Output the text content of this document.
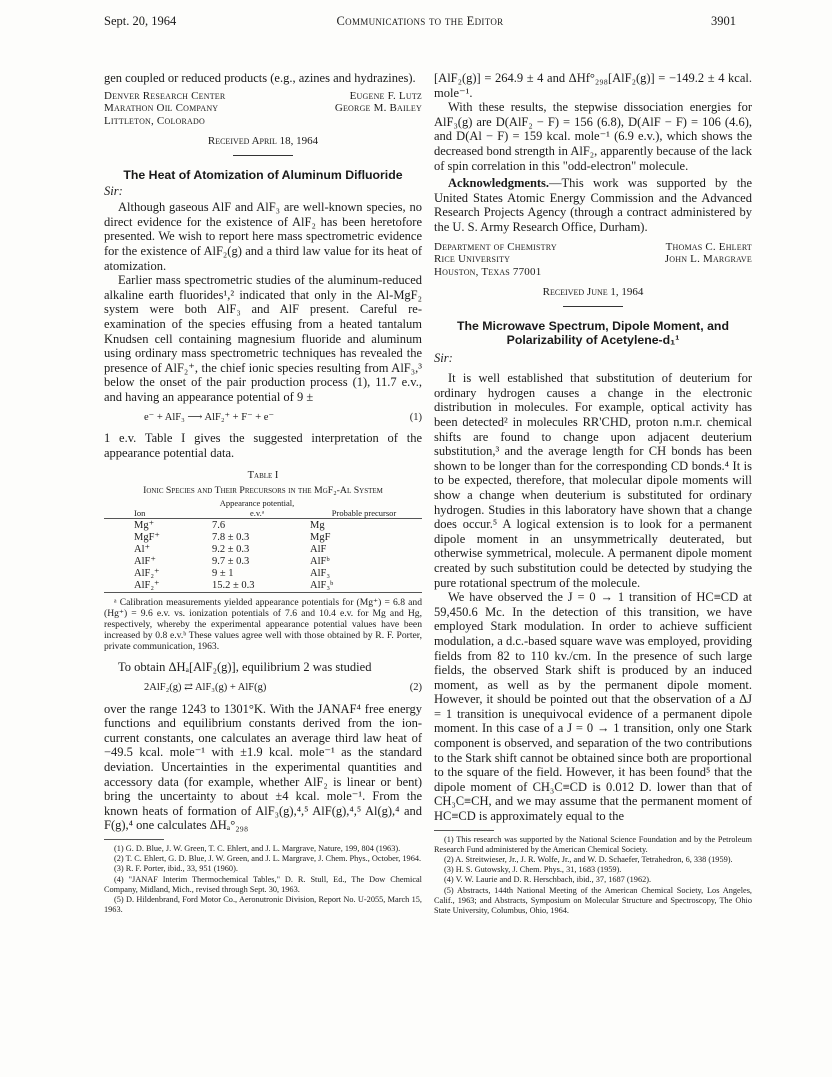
Sept. 20, 1964	Communications to the Editor	3901

gen coupled or reduced products (e.g., azines and hydrazines).

Denver Research Center
Marathon Oil Company
Littleton, Colorado
Eugene F. Lutz
George M. Bailey
Received April 18, 1964
The Heat of Atomization of Aluminum Difluoride

Sir:

Although gaseous AlF and AlF₃ are well-known species, no direct evidence for the existence of AlF₂ has been heretofore presented. We wish to report here mass spectrometric evidence for the existence of AlF₂(g) and a third law value for its heat of atomization.

Earlier mass spectrometric studies of the aluminum-reduced alkaline earth fluorides¹,² indicated that only in the Al-MgF₂ system were both AlF₃ and AlF present. Careful re-examination of the species effusing from a heated tantalum Knudsen cell containing magnesium fluoride and aluminum using ordinary mass spectrometric techniques has revealed the presence of AlF₂⁺, the chief ionic species resulting from AlF₃,³ below the onset of the pair production process (1), 11.7 e.v., and having an appearance potential of 9 ±

e⁻ + AlF₃ ⟶ AlF₂⁺ + F⁻ + e⁻	(1)

1 e.v. Table I gives the suggested interpretation of the appearance potential data.

Table I
Ionic Species and Their Precursors in the MgF₂-Al System
Ion	Appearance potential, e.v.ᵃ	Probable precursor

Mg⁺	7.6	Mg
MgF⁺	7.8 ± 0.3	MgF
Al⁺	9.2 ± 0.3	AlF
AlF⁺	9.7 ± 0.3	AlFᵇ
AlF₂⁺	9 ± 1	AlF₃
AlF₂⁺	15.2 ± 0.3	AlF₃ᵇ

ᵃ Calibration measurements yielded appearance potentials for (Mg⁺) = 6.8 and (Hg⁺) = 9.6 e.v. vs. ionization potentials of 7.6 and 10.4 e.v. for Mg and Hg, respectively, whereby the experimental appearance potential values have been increased by 0.8 e.v.ᵇ These values agree well with those obtained by R. F. Porter, private communication, 1963.

To obtain ΔHₐ[AlF₂(g)], equilibrium 2 was studied

2AlF₂(g) ⇄ AlF₃(g) + AlF(g)	(2)

over the range 1243 to 1301°K. With the JANAF⁴ free energy functions and equilibrium constants derived from the ion-current constants, one calculates an average third law heat of −49.5 kcal. mole⁻¹ with ±1.9 kcal. mole⁻¹ as the standard deviation. Uncertainties in the experimental quantities and accessory data (for example, whether AlF₂ is linear or bent) bring the uncertainty to about ±4 kcal. mole⁻¹. From the known heats of formation of AlF₃(g),⁴,⁵ AlF(g),⁴,⁵ Al(g),⁴ and F(g),⁴ one calculates ΔHₐ°₂₉₈

(1) G. D. Blue, J. W. Green, T. C. Ehlert, and J. L. Margrave, Nature, 199, 804 (1963).

(2) T. C. Ehlert, G. D. Blue, J. W. Green, and J. L. Margrave, J. Chem. Phys., October, 1964.

(3) R. F. Porter, ibid., 33, 951 (1960).

(4) "JANAF Interim Thermochemical Tables," D. R. Stull, Ed., The Dow Chemical Company, Midland, Mich., revised through Sept. 30, 1963.

(5) D. Hildenbrand, Ford Motor Co., Aeronutronic Division, Report No. U-2055, March 15, 1963.

[AlF₂(g)] = 264.9 ± 4 and ΔHf°₂₉₈[AlF₂(g)] = −149.2 ± 4 kcal. mole⁻¹.

With these results, the stepwise dissociation energies for AlF₃(g) are D(AlF₂ − F) = 156 (6.8), D(AlF − F) = 106 (4.6), and D(Al − F) = 159 kcal. mole⁻¹ (6.9 e.v.), which shows the decreased bond strength in AlF₂, apparently because of the lack of spin correlation in this "odd-electron" molecule.

Acknowledgments.—This work was supported by the United States Atomic Energy Commission and the Advanced Research Projects Agency (through a contract administered by the U. S. Army Research Office, Durham).

Department of Chemistry
Rice University
Houston, Texas 77001
Thomas C. Ehlert
John L. Margrave
Received June 1, 1964
The Microwave Spectrum, Dipole Moment, and Polarizability of Acetylene-d₁¹

Sir:

It is well established that substitution of deuterium for ordinary hydrogen causes a change in the electronic distribution in molecules. For example, optical activity has been detected² in molecules RR'CHD, proton n.m.r. chemical shifts are found to change upon adjacent deuterium substitution,³ and the average length for CH bonds has been shown to be longer than for the corresponding CD bonds.⁴ It is to be expected, therefore, that molecular dipole moments will show a change when deuterium is substituted for ordinary hydrogen. Studies in this laboratory have shown that a change does occur.⁵ A logical extension is to look for a permanent dipole moment in an unsymmetrically deuterated, but otherwise symmetrical, molecule. A permanent dipole moment created by such substitution could be detected by studying the pure rotational spectrum of the molecule.

We have observed the J = 0 → 1 transition of HC≡CD at 59,450.6 Mc. In the detection of this transition, we have employed Stark modulation. In order to achieve sufficient modulation, a d.c.-based square wave was employed, providing fields from 82 to 110 kv./cm. In the presence of such large fields, the observed Stark shift is produced by an induced moment, as well as by the permanent dipole moment. However, it should be pointed out that the observation of a ΔJ = 1 transition is unequivocal evidence of a permanent dipole moment. In this case of a J = 0 → 1 transition, only one Stark component is observed, and separation of the two contributions to the Stark shift cannot be obtained since both are proportional to the square of the field. However, it has been found⁵ that the dipole moment of CH₃C≡CD is 0.012 D. lower than that of CH₃C≡CH, and we may assume that the permanent moment of HC≡CD is approximately equal to the

(1) This research was supported by the National Science Foundation and by the Petroleum Research Fund administered by the American Chemical Society.

(2) A. Streitwieser, Jr., J. R. Wolfe, Jr., and W. D. Schaefer, Tetrahedron, 6, 338 (1959).

(3) H. S. Gutowsky, J. Chem. Phys., 31, 1683 (1959).

(4) V. W. Laurie and D. R. Herschbach, ibid., 37, 1687 (1962).

(5) Abstracts, 144th National Meeting of the American Chemical Society, Los Angeles, Calif., 1963; and Abstracts, Symposium on Molecular Structure and Spectroscopy, The Ohio State University, Columbus, Ohio, 1964.
